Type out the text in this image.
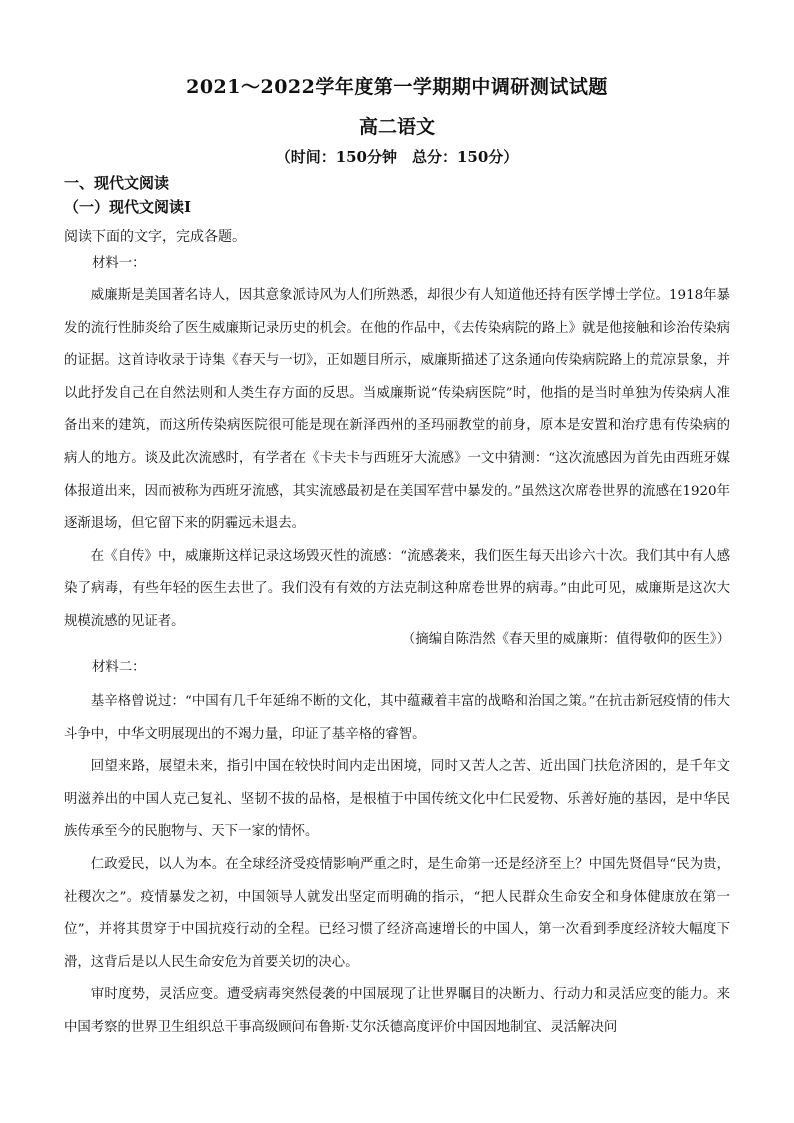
2021～2022学年度第一学期期中调研测试试题
高二语文
（时间：150分钟　总分：150分）
一、现代文阅读
（一）现代文阅读Ⅰ
阅读下面的文字，完成各题。
材料一：

威廉斯是美国著名诗人，因其意象派诗风为人们所熟悉，却很少有人知道他还持有医学博士学位。1918年暴发的流行性肺炎给了医生威廉斯记录历史的机会。在他的作品中，《去传染病院的路上》就是他接触和诊治传染病的证据。这首诗收录于诗集《春天与一切》，正如题目所示，威廉斯描述了这条通向传染病院路上的荒凉景象，并以此抒发自己在自然法则和人类生存方面的反思。当威廉斯说“传染病医院”时，他指的是当时单独为传染病人准备出来的建筑，而这所传染病医院很可能是现在新泽西州的圣玛丽教堂的前身，原本是安置和治疗患有传染病的病人的地方。谈及此次流感时，有学者在《卡夫卡与西班牙大流感》一文中猜测：“这次流感因为首先由西班牙媒体报道出来，因而被称为西班牙流感，其实流感最初是在美国军营中暴发的。”虽然这次席卷世界的流感在1920年逐渐退场，但它留下来的阴霾远未退去。

在《自传》中，威廉斯这样记录这场毁灭性的流感：“流感袭来，我们医生每天出诊六十次。我们其中有人感染了病毒，有些年轻的医生去世了。我们没有有效的方法克制这种席卷世界的病毒。”由此可见，威廉斯是这次大规模流感的见证者。

（摘编自陈浩然《春天里的威廉斯：值得敬仰的医生》）
材料二：

基辛格曾说过：“中国有几千年延绵不断的文化，其中蕴藏着丰富的战略和治国之策。”在抗击新冠疫情的伟大斗争中，中华文明展现出的不竭力量，印证了基辛格的睿智。

回望来路，展望未来，指引中国在较快时间内走出困境，同时又苦人之苦、近出国门扶危济困的，是千年文明滋养出的中国人克己复礼、坚韧不拔的品格，是根植于中国传统文化中仁民爱物、乐善好施的基因，是中华民族传承至今的民胞物与、天下一家的情怀。

仁政爱民，以人为本。在全球经济受疫情影响严重之时，是生命第一还是经济至上？中国先贤倡导“民为贵，社稷次之”。疫情暴发之初，中国领导人就发出坚定而明确的指示，“把人民群众生命安全和身体健康放在第一位”，并将其贯穿于中国抗疫行动的全程。已经习惯了经济高速增长的中国人，第一次看到季度经济较大幅度下滑，这背后是以人民生命安危为首要关切的决心。

审时度势，灵活应变。遭受病毒突然侵袭的中国展现了让世界瞩目的决断力、行动力和灵活应变的能力。来中国考察的世界卫生组织总干事高级顾问布鲁斯·艾尔沃德高度评价中国因地制宜、灵活解决问
